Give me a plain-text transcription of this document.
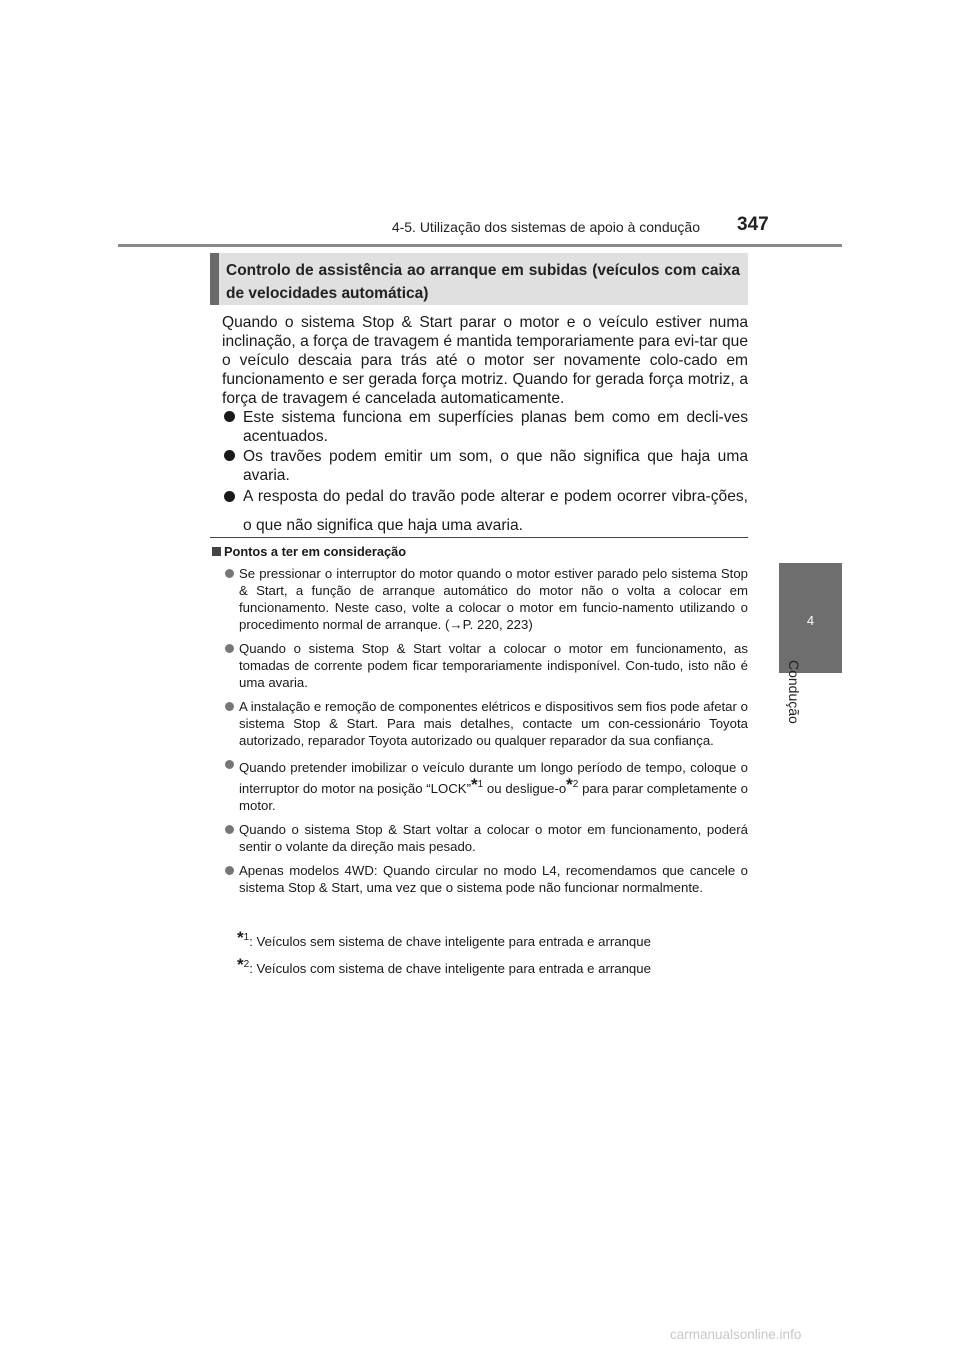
4-5. Utilização dos sistemas de apoio à condução 347
4
Condução
Controlo de assistência ao arranque em subidas (veículos com caixa de velocidades automática)

Quando o sistema Stop & Start parar o motor e o veículo estiver numa inclinação, a força de travagem é mantida temporariamente para evi-tar que o veículo descaia para trás até o motor ser novamente colo-cado em funcionamento e ser gerada força motriz. Quando for gerada força motriz, a força de travagem é cancelada automaticamente.

Este sistema funciona em superfícies planas bem como em decli-ves acentuados.
Os travões podem emitir um som, o que não significa que haja uma avaria.
A resposta do pedal do travão pode alterar e podem ocorrer vibra-ções, o que não significa que haja uma avaria.
Pontos a ter em consideração
Se pressionar o interruptor do motor quando o motor estiver parado pelo sistema Stop & Start, a função de arranque automático do motor não o volta a colocar em funcionamento. Neste caso, volte a colocar o motor em funcio-namento utilizando o procedimento normal de arranque. (→P. 220, 223)
Quando o sistema Stop & Start voltar a colocar o motor em funcionamento, as tomadas de corrente podem ficar temporariamente indisponível. Con-tudo, isto não é uma avaria.
A instalação e remoção de componentes elétricos e dispositivos sem fios pode afetar o sistema Stop & Start. Para mais detalhes, contacte um con-cessionário Toyota autorizado, reparador Toyota autorizado ou qualquer reparador da sua confiança.
Quando pretender imobilizar o veículo durante um longo período de tempo, coloque o interruptor do motor na posição “LOCK”*$^1$ ou desligue-o*$^2$ para parar completamente o motor.
Quando o sistema Stop & Start voltar a colocar o motor em funcionamento, poderá sentir o volante da direção mais pesado.
Apenas modelos 4WD: Quando circular no modo L4, recomendamos que cancele o sistema Stop & Start, uma vez que o sistema pode não funcionar normalmente.
*$^1$: Veículos sem sistema de chave inteligente para entrada e arranque
*$^2$: Veículos com sistema de chave inteligente para entrada e arranque
carmanualsonline.info
